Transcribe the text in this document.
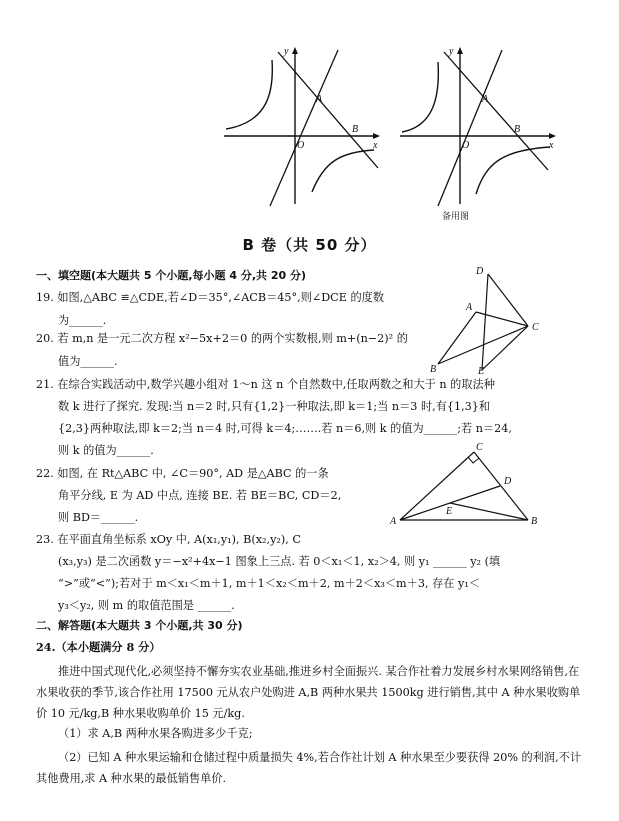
y
x
A
B
O
y
x
A
B
O
备用图
B 卷（共 50 分）
一、填空题(本大题共 5 个小题,每小题 4 分,共 20 分)
19. 如图,△ABC ≌△CDE,若∠D＝35°,∠ACB＝45°,则∠DCE 的度数
为______.
20. 若 m,n 是一元二次方程 x²−5x+2＝0 的两个实数根,则 m+(n−2)² 的
值为______.
D
A
C
B	E
21. 在综合实践活动中,数学兴趣小组对 1～n 这 n 个自然数中,任取两数之和大于 n 的取法种
数 k 进行了探究. 发现:当 n＝2 时,只有{1,2}一种取法,即 k＝1;当 n＝3 时,有{1,3}和
{2,3}两种取法,即 k＝2;当 n＝4 时,可得 k＝4;…….若 n＝6,则 k 的值为______;若 n＝24,
则 k 的值为______.
22. 如图, 在 Rt△ABC 中, ∠C＝90°, AD 是△ABC 的一条
角平分线, E 为 AD 中点, 连接 BE. 若 BE＝BC, CD＝2,
则 BD＝______.
C
D
E
A	B
23. 在平面直角坐标系 xOy 中, A(x₁,y₁), B(x₂,y₂), C
(x₃,y₃) 是二次函数 y＝−x²+4x−1 图象上三点. 若 0＜x₁＜1, x₂＞4, 则 y₁ ______ y₂ (填
“>”或“<”);若对于 m＜x₁＜m＋1, m＋1＜x₂＜m＋2, m＋2＜x₃＜m＋3, 存在 y₁＜
y₃＜y₂, 则 m 的取值范围是 ______.
二、解答题(本大题共 3 个小题,共 30 分)
24.（本小题满分 8 分）
推进中国式现代化,必须坚持不懈夯实农业基础,推进乡村全面振兴. 某合作社着力发展乡村水果网络销售,在水果收获的季节,该合作社用 17500 元从农户处购进 A,B 两种水果共 1500kg 进行销售,其中 A 种水果收购单价 10 元/kg,B 种水果收购单价 15 元/kg.
（1）求 A,B 两种水果各购进多少千克;
（2）已知 A 种水果运输和仓储过程中质量损失 4%,若合作社计划 A 种水果至少要获得 20% 的利润,不计其他费用,求 A 种水果的最低销售单价.
